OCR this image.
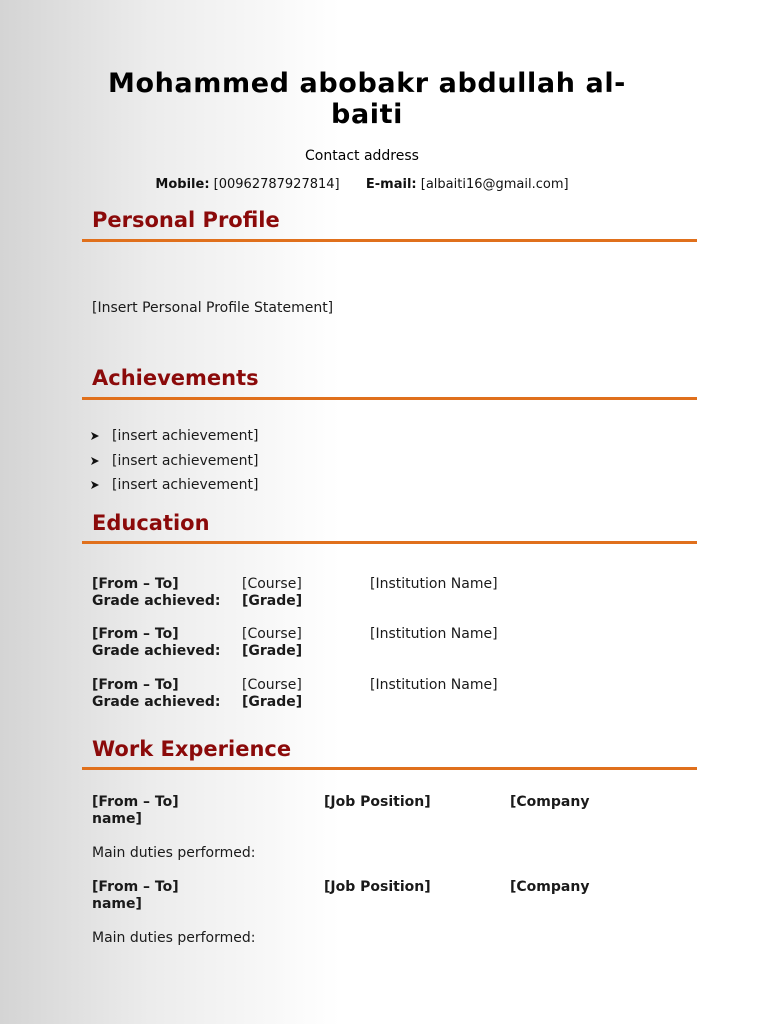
Mohammed abobakr abdullah al-baiti
Contact address
Mobile: [00962787927814] E-mail: [albaiti16@gmail.com]
Personal Profile
[Insert Personal Profile Statement]
Achievements
[insert achievement]
[insert achievement]
[insert achievement]
Education
[From – To]	[Course]	[Institution Name]
Grade achieved: [Grade]
[From – To]	[Course]	[Institution Name]
Grade achieved: [Grade]
[From – To]	[Course]	[Institution Name]
Grade achieved: [Grade]
Work Experience
[From – To]	[Job Position]	[Company
name]
Main duties performed:
[From – To]	[Job Position]	[Company
name]
Main duties performed:
